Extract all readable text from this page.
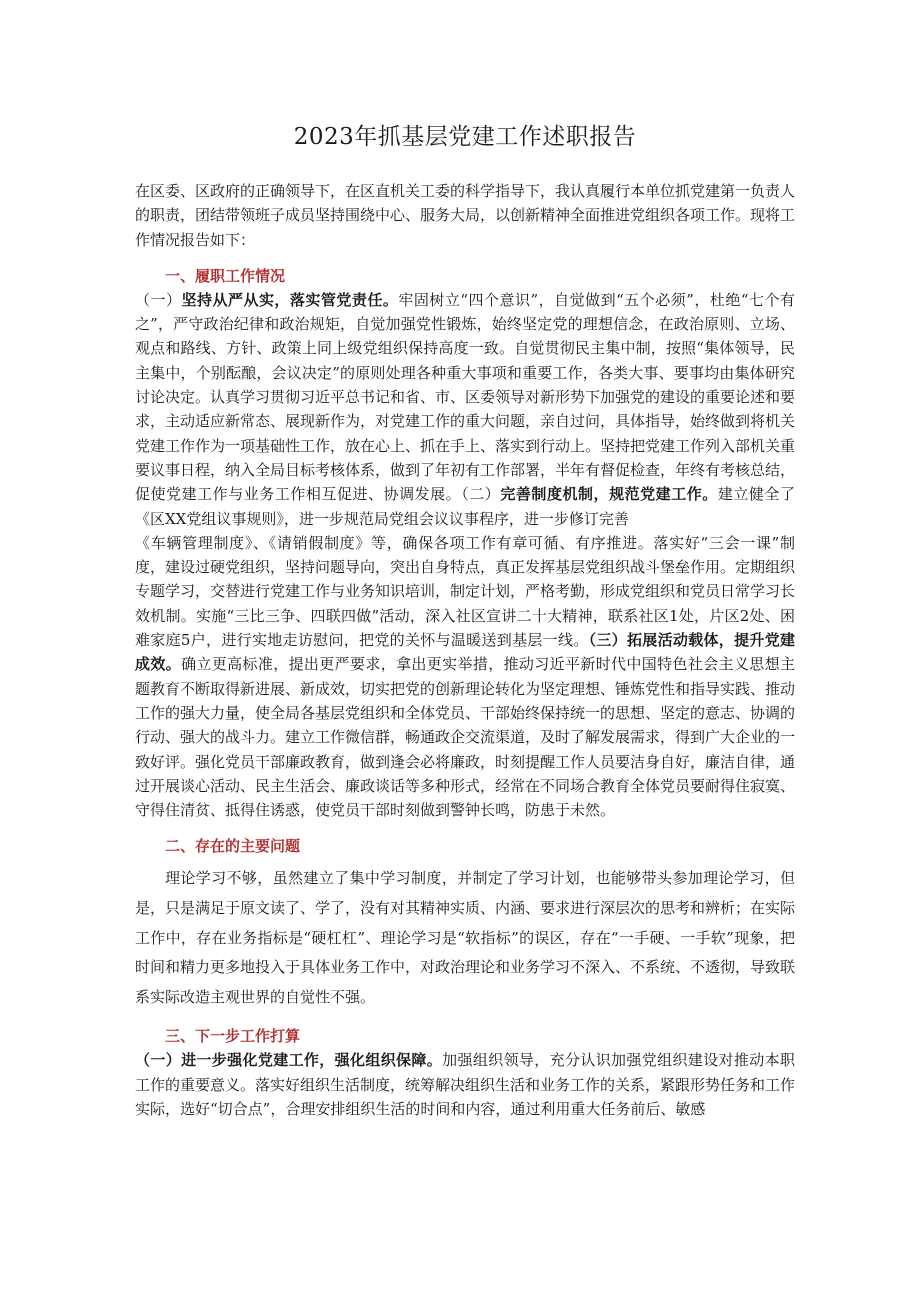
2023年抓基层党建工作述职报告

在区委、区政府的正确领导下，在区直机关工委的科学指导下，我认真履行本单位抓党建第一负责人的职责，团结带领班子成员坚持围绕中心、服务大局，以创新精神全面推进党组织各项工作。现将工作情况报告如下：

一、履职工作情况

（一）坚持从严从实，落实管党责任。牢固树立“四个意识”，自觉做到“五个必须”，杜绝“七个有之”，严守政治纪律和政治规矩，自觉加强党性锻炼，始终坚定党的理想信念，在政治原则、立场、观点和路线、方针、政策上同上级党组织保持高度一致。自觉贯彻民主集中制，按照“集体领导，民主集中，个别酝酿，会议决定”的原则处理各种重大事项和重要工作，各类大事、要事均由集体研究讨论决定。认真学习贯彻习近平总书记和省、市、区委领导对新形势下加强党的建设的重要论述和要求，主动适应新常态、展现新作为，对党建工作的重大问题，亲自过问，具体指导，始终做到将机关党建工作作为一项基础性工作，放在心上、抓在手上、落实到行动上。坚持把党建工作列入部机关重要议事日程，纳入全局目标考核体系，做到了年初有工作部署，半年有督促检查，年终有考核总结，促使党建工作与业务工作相互促进、协调发展。（二）完善制度机制，规范党建工作。建立健全了《区XX党组议事规则》，进一步规范局党组会议议事程序，进一步修订完善

《车辆管理制度》、《请销假制度》等，确保各项工作有章可循、有序推进。落实好“三会一课”制度，建设过硬党组织，坚持问题导向，突出自身特点，真正发挥基层党组织战斗堡垒作用。定期组织专题学习，交替进行党建工作与业务知识培训，制定计划，严格考勤，形成党组织和党员日常学习长效机制。实施“三比三争、四联四做”活动，深入社区宣讲二十大精神，联系社区1处，片区2处、困难家庭5户，进行实地走访慰问，把党的关怀与温暖送到基层一线。（三）拓展活动载体，提升党建成效。确立更高标准，提出更严要求，拿出更实举措，推动习近平新时代中国特色社会主义思想主题教育不断取得新进展、新成效，切实把党的创新理论转化为坚定理想、锤炼党性和指导实践、推动工作的强大力量，使全局各基层党组织和全体党员、干部始终保持统一的思想、坚定的意志、协调的行动、强大的战斗力。建立工作微信群，畅通政企交流渠道，及时了解发展需求，得到广大企业的一致好评。强化党员干部廉政教育，做到逢会必将廉政，时刻提醒工作人员要洁身自好，廉洁自律，通过开展谈心活动、民主生活会、廉政谈话等多种形式，经常在不同场合教育全体党员要耐得住寂寞、守得住清贫、抵得住诱惑，使党员干部时刻做到警钟长鸣，防患于未然。

二、存在的主要问题

理论学习不够，虽然建立了集中学习制度，并制定了学习计划，也能够带头参加理论学习，但是，只是满足于原文读了、学了，没有对其精神实质、内涵、要求进行深层次的思考和辨析；在实际工作中，存在业务指标是“硬杠杠”、理论学习是“软指标”的误区，存在“一手硬、一手软”现象，把时间和精力更多地投入于具体业务工作中，对政治理论和业务学习不深入、不系统、不透彻，导致联系实际改造主观世界的自觉性不强。

三、下一步工作打算

（一）进一步强化党建工作，强化组织保障。加强组织领导，充分认识加强党组织建设对推动本职工作的重要意义。落实好组织生活制度，统筹解决组织生活和业务工作的关系，紧跟形势任务和工作实际，选好“切合点”，合理安排组织生活的时间和内容，通过利用重大任务前后、敏感
